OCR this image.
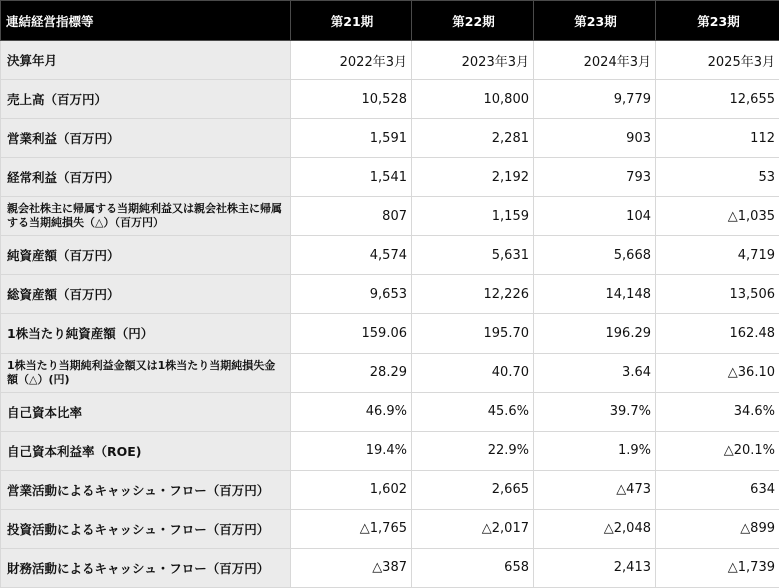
連結経営指標等	第21期	第22期	第23期	第23期
決算年月	2022年3月	2023年3月	2024年3月	2025年3月
売上高（百万円）	10,528	10,800	9,779	12,655
営業利益（百万円）	1,591	2,281	903	112
経常利益（百万円）	1,541	2,192	793	53
親会社株主に帰属する当期純利益又は親会社株主に帰属する当期純損失（△）（百万円）	807	1,159	104	△1,035
純資産額（百万円）	4,574	5,631	5,668	4,719
総資産額（百万円）	9,653	12,226	14,148	13,506
1株当たり純資産額（円）	159.06	195.70	196.29	162.48
1株当たり当期純利益金額又は1株当たり当期純損失金額（△）(円)	28.29	40.70	3.64	△36.10
自己資本比率	46.9%	45.6%	39.7%	34.6%
自己資本利益率（ROE)	19.4%	22.9%	1.9%	△20.1%
営業活動によるキャッシュ・フロー（百万円）	1,602	2,665	△473	634
投資活動によるキャッシュ・フロー（百万円）	△1,765	△2,017	△2,048	△899
財務活動によるキャッシュ・フロー（百万円）	△387	658	2,413	△1,739
